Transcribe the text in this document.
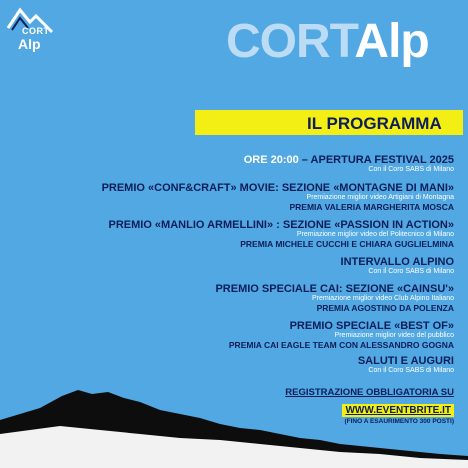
CORT
Alp	CORTAlp
IL PROGRAMMA
ORE 20:00 – APERTURA FESTIVAL 2025
Con il Coro SABS di Milano
PREMIO «CONF&CRAFT» MOVIE: SEZIONE «MONTAGNE DI MANI»
Premiazione miglior video Artigiani di Montagna
PREMIA VALERIA MARGHERITA MOSCA
PREMIO «MANLIO ARMELLINI» : SEZIONE «PASSION IN ACTION»
Premiazione miglior video del Politecnico di Milano
PREMIA MICHELE CUCCHI E CHIARA GUGLIELMINA
INTERVALLO ALPINO
Con il Coro SABS di Milano
PREMIO SPECIALE CAI: SEZIONE «CAINSU'»
Premiazione miglior video Club Alpino Italiano
PREMIA AGOSTINO DA POLENZA
PREMIO SPECIALE «BEST OF»
Premiazione miglior video del pubblico
PREMIA CAI EAGLE TEAM CON ALESSANDRO GOGNA
SALUTI E AUGURI
Con il Coro SABS di Milano
REGISTRAZIONE OBBLIGATORIA SU
WWW.EVENTBRITE.IT
(FINO A ESAURIMENTO 300 POSTI)
